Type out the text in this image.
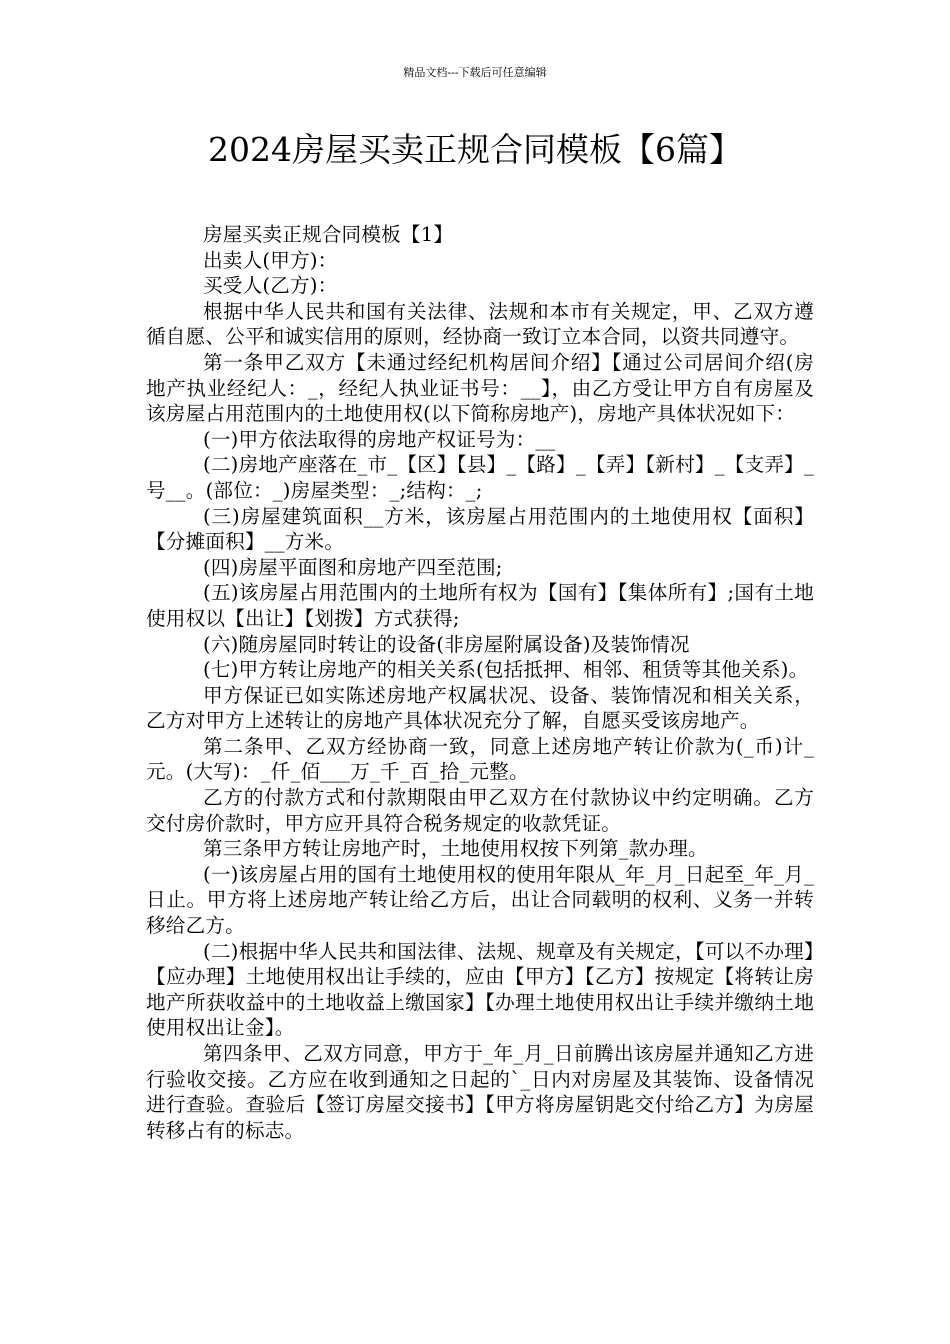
精品文档---下载后可任意编辑
2024房屋买卖正规合同模板【6篇】

房屋买卖正规合同模板【1】

出卖人(甲方)：

买受人(乙方)：

根据中华人民共和国有关法律、法规和本市有关规定，甲、乙双方遵循自愿、公平和诚实信用的原则，经协商一致订立本合同，以资共同遵守。

第一条甲乙双方【未通过经纪机构居间介绍】【通过公司居间介绍(房地产执业经纪人：_，经纪人执业证书号：__】，由乙方受让甲方自有房屋及该房屋占用范围内的土地使用权(以下简称房地产)，房地产具体状况如下：

(一)甲方依法取得的房地产权证号为：__

(二)房地产座落在_市_【区】【县】_【路】_【弄】【新村】_【支弄】_号__。(部位：_)房屋类型：_;结构：_;

(三)房屋建筑面积__方米，该房屋占用范围内的土地使用权【面积】【分摊面积】__方米。

(四)房屋平面图和房地产四至范围;

(五)该房屋占用范围内的土地所有权为【国有】【集体所有】;国有土地使用权以【出让】【划拨】方式获得;

(六)随房屋同时转让的设备(非房屋附属设备)及装饰情况

(七)甲方转让房地产的相关关系(包括抵押、相邻、租赁等其他关系)。

甲方保证已如实陈述房地产权属状况、设备、装饰情况和相关关系，乙方对甲方上述转让的房地产具体状况充分了解，自愿买受该房地产。

第二条甲、乙双方经协商一致，同意上述房地产转让价款为(_币)计_元。(大写)：_仟_佰___万_千_百_拾_元整。

乙方的付款方式和付款期限由甲乙双方在付款协议中约定明确。乙方交付房价款时，甲方应开具符合税务规定的收款凭证。

第三条甲方转让房地产时，土地使用权按下列第_款办理。

(一)该房屋占用的国有土地使用权的使用年限从_年_月_日起至_年_月_日止。甲方将上述房地产转让给乙方后，出让合同载明的权利、义务一并转移给乙方。

(二)根据中华人民共和国法律、法规、规章及有关规定，【可以不办理】【应办理】土地使用权出让手续的，应由【甲方】【乙方】按规定【将转让房地产所获收益中的土地收益上缴国家】【办理土地使用权出让手续并缴纳土地使用权出让金】。

第四条甲、乙双方同意，甲方于_年_月_日前腾出该房屋并通知乙方进行验收交接。乙方应在收到通知之日起的`_日内对房屋及其装饰、设备情况进行查验。查验后【签订房屋交接书】【甲方将房屋钥匙交付给乙方】为房屋转移占有的标志。
